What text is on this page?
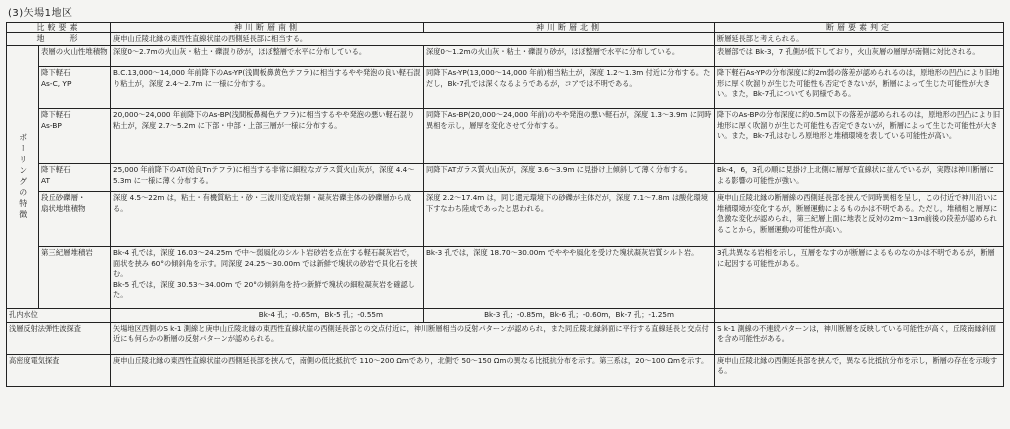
(3)矢場1地区
比較要素		神川断層南側	神川断層北側	断層要素判定
地　　形		庚申山丘陵北縁の東西性直線状崖の西側延長部に相当する。		断層延長部と考えられる。
ボーリングの特徴	表層の火山性堆積物	深度0～2.7mの火山灰・粘土・礫混り砂が，ほぼ整層で水平に分布している。	深度0～1.2mの火山灰・粘土・礫混り砂が，ほぼ整層で水平に分布している。	表層部では Bk-3，7 孔側が低下しており，火山灰層の層厚が南側に対比される。
	降下軽石
As-C, YP	B.C.13,000～14,000 年前降下のAs-YP(浅間板鼻黄色テフラ)に相当するやや発泡の良い軽石混り粘土が，深度 2.4～2.7m に一様に分布する。	同降下As-YP(13,000～14,000 年前)相当粘土が，深度 1.2～1.3m 付近に分布する。ただし，Bk-7孔では深くなるようであるが，コアでは不明である。	降下軽石As-YPの分布深度に約2m弱の落差が認められるのは，原地形の凹凸により旧地形に厚く吹溜りが生じた可能性も否定できないが，断層によって生じた可能性が大きい。また，Bk-7孔についても同様である。
	降下軽石
As-BP	20,000～24,000 年前降下のAs-BP(浅間板鼻褐色テフラ)に相当するやや発泡の悪い軽石混り粘土が，深度 2.7～5.2m に下部・中部・上部三層が一様に分布する。	同降下As-BP(20,000～24,000 年前)のやや発泡の悪い軽石が，深度 1.3～3.9m に同時異相を示し，層厚を変化させて分布する。	降下のAs-BPの分布深度に約0.5m以下の落差が認められるのは，原地形の凹凸により旧地形に厚く吹溜りが生じた可能性も否定できないが，断層によって生じた可能性が大きい。また，Bk-7孔はむしろ原地形と堆積環境を表している可能性が高い。
	降下軽石
AT	25,000 年前降下のAT(姶良Tnテフラ)に相当する非常に細粒なガラス質火山灰が，深度 4.4～5.3m に一様に薄く分布する。	同降下ATガラス質火山灰が，深度 3.6～3.9m に見掛け上傾斜して薄く分布する。	Bk-4，6，3孔の順に見掛け上北側に層厚で直線状に並んでいるが，実際は神川断層による影響の可能性が強い。
	段丘砂礫層・
扇状地堆積物	深度 4.5～22m は，粘土・有機質粘土・砂・三波川変成岩類・凝灰岩礫主体の砂礫層から成る。	深度 2.2～17.4m は，同じ還元環境下の砂礫が主体だが，深度 7.1～7.8m は酸化環境下すなわち陸成であったと思われる。	庚申山丘陵北縁の断層線の西側延長部を挟んで同時異相を呈し，この付近で神川沿いに堆積環境が変化するが，断層運動によるものかは不明である。ただし，堆積相と層厚に急激な変化が認められ，第三紀層上面に地表と反対の2m～13m前後の段差が認められることから，断層運動の可能性が高い。
	第三紀層堆積岩	Bk-4 孔では，深度 16.03～24.25m で中～弱風化のシルト岩砂岩を点在する軽石凝灰岩で，面状を挟み 60°の傾斜角を示す。同深度 24.25～30.00m では新鮮で塊状の砂岩で貝化石を挟む。
Bk-5 孔では，深度 30.53～34.00m で 20°の傾斜角を持つ新鮮で塊状の細粒凝灰岩を確認した。	Bk-3 孔では，深度 18.70～30.00m でややや風化を受けた塊状凝灰岩質シルト岩。	3孔共異なる岩相を示し，互層をなすのが断層によるものなのかは不明であるが，断層に起因する可能性がある。
孔内水位		Bk-4 孔；-0.65m，Bk-5 孔；-0.55m	Bk-3 孔；-0.85m，Bk-6 孔；-0.60m，Bk-7 孔；-1.25m	
浅層反射法弾性波探査		矢場地区西側のS k-1 測線と庚申山丘陵北縁の東西性直線状崖の西側延長部との交点付近に，神川断層相当の反射パターンが認められ，また同丘陵北縁斜面に平行する直線延長と交点付近にも何らかの断層の反射パターンが認められる。		S k-1 測線の不連続パターンは，神川断層を反映している可能性が高く，丘陵南縁斜面を含め可能性がある。
高密度電気探査		庚申山丘陵北縁の東西性直線状崖の西側延長部を挟んで，南側の低比抵抗で 110～200 Ωmであり，北側で 50～150 Ωmの異なる比抵抗分布を示す。第三系は，20～100 Ωmを示す。		庚申山丘陵北縁の西側延長部を挟んで，異なる比抵抗分布を示し，断層の存在を示唆する。
